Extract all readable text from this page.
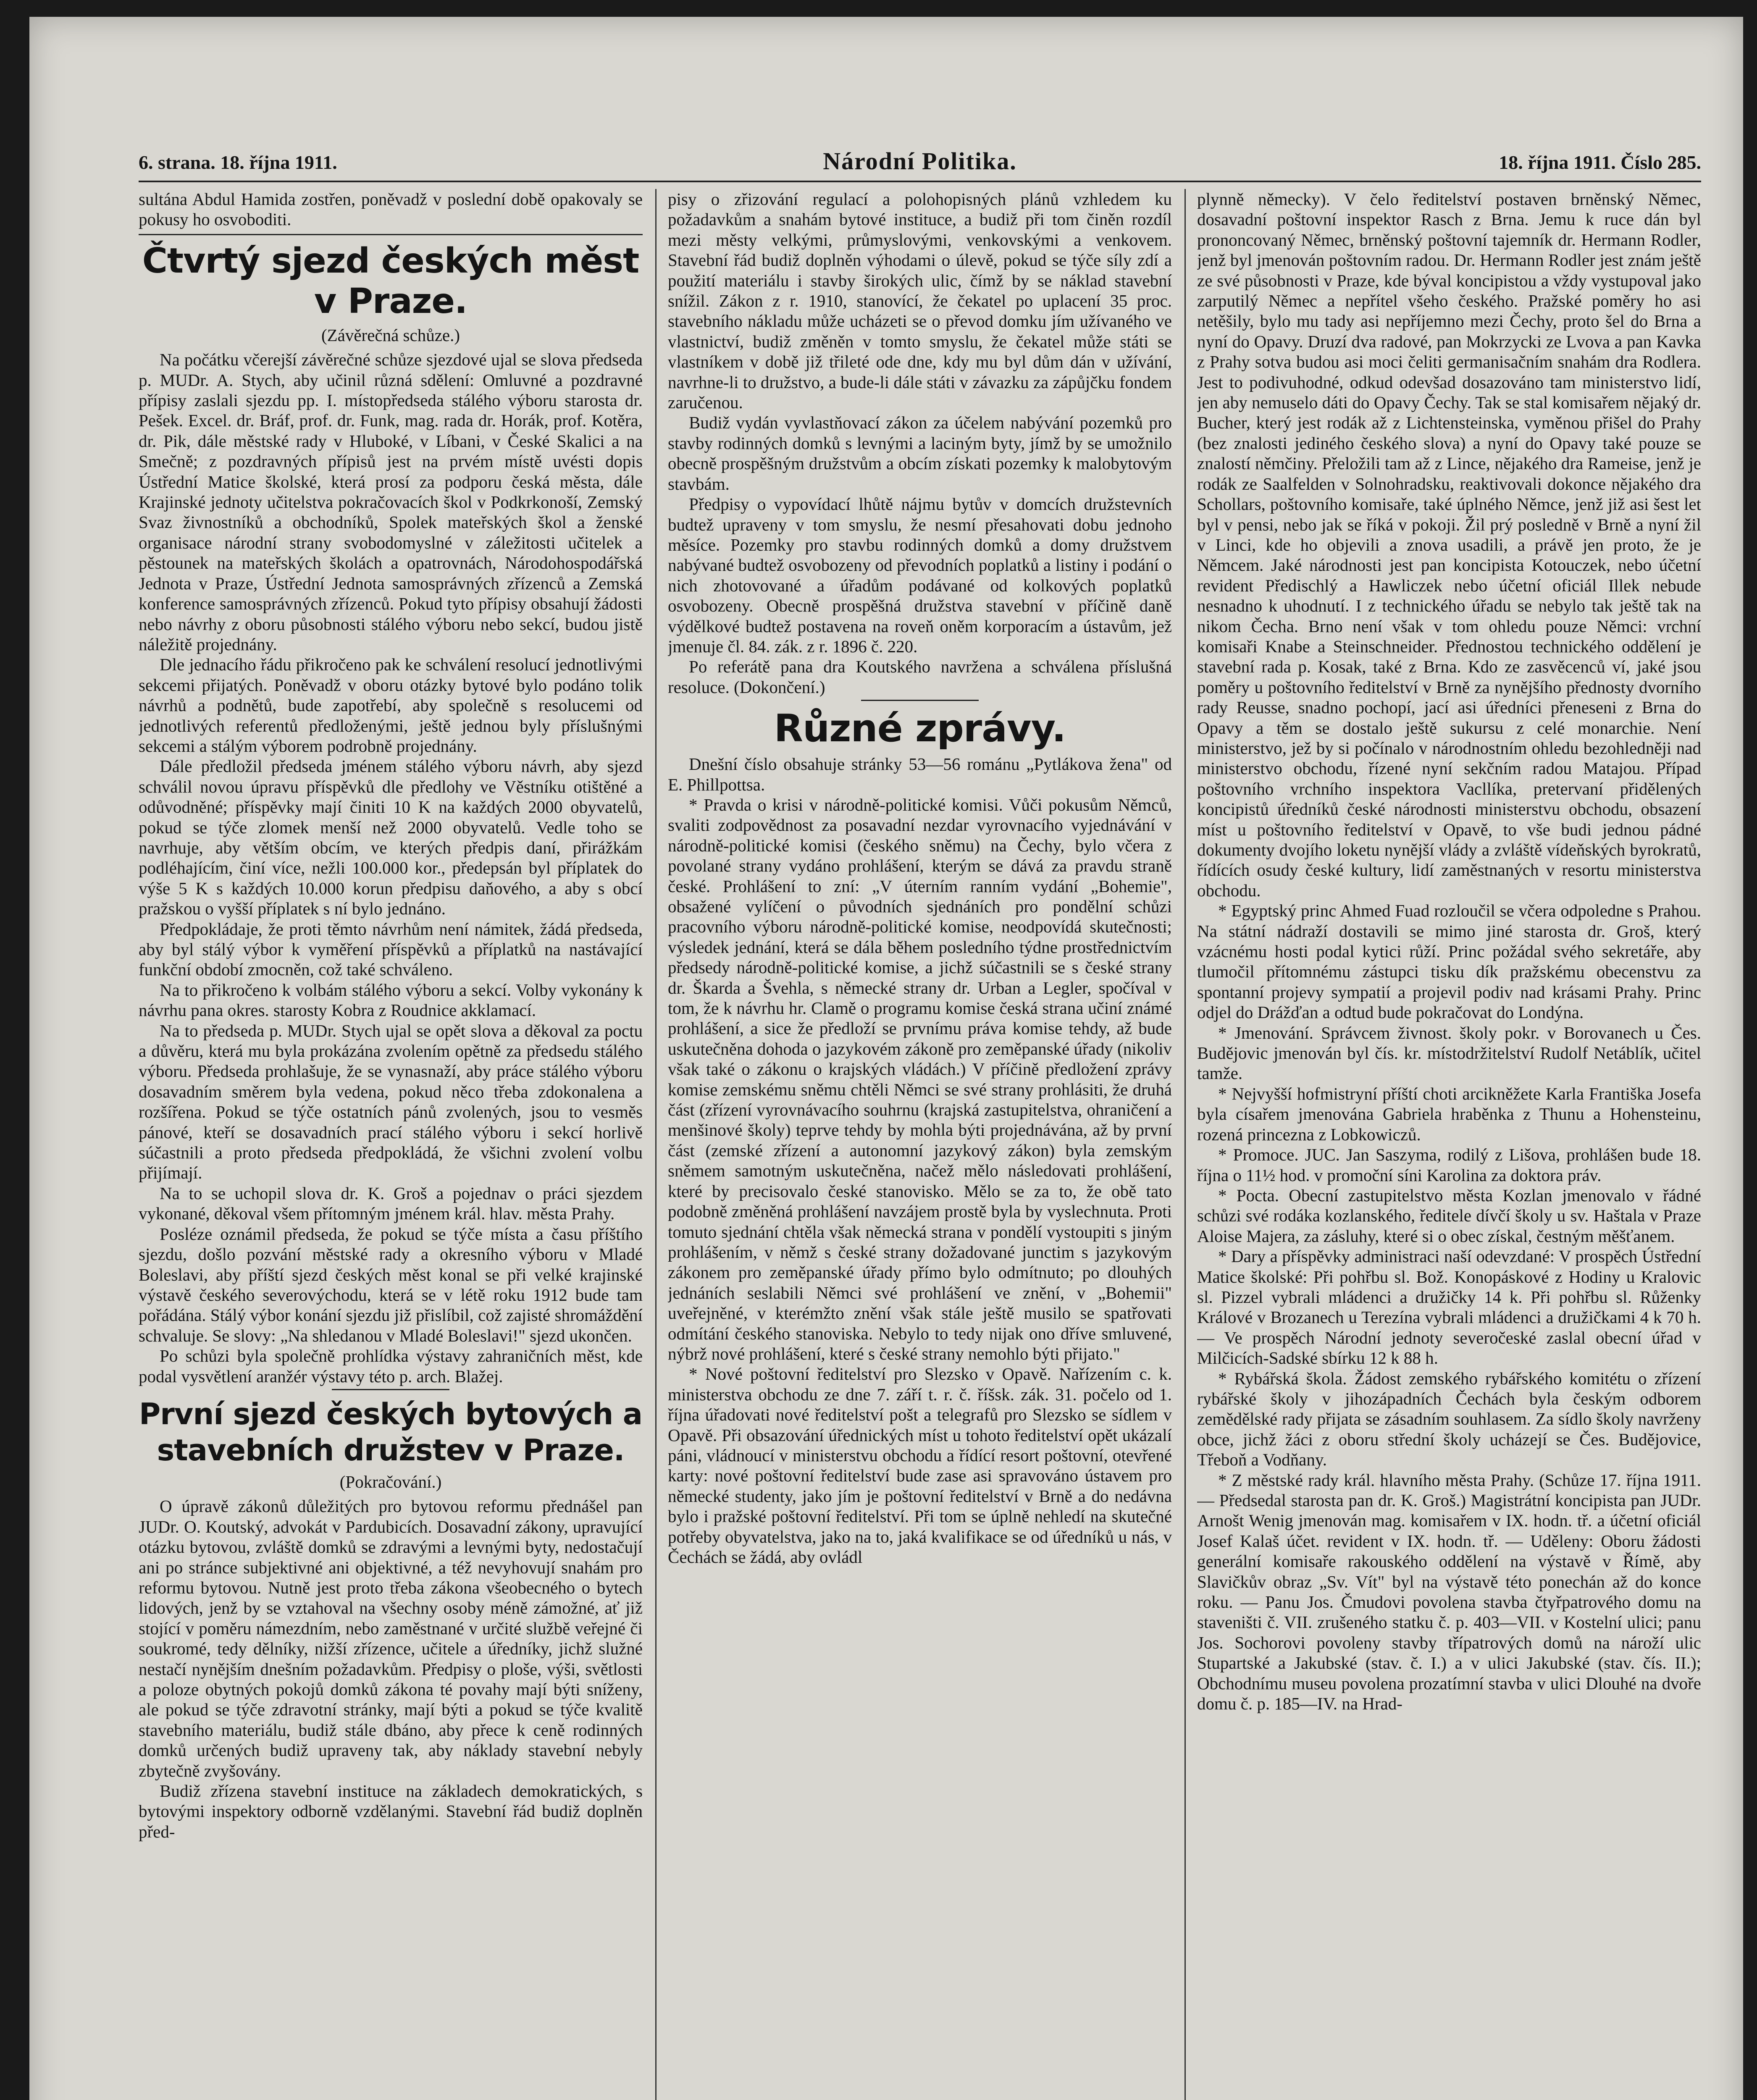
6. strana. 18. října 1911.	Národní Politika.	18. října 1911. Číslo 285.

sultána Abdul Hamida zostřen, poněvadž v poslední době opakovaly se pokusy ho osvoboditi.

Čtvrtý sjezd českých měst v Praze.
(Závěrečná schůze.)

Na počátku včerejší závěrečné schůze sjezdové ujal se slova předseda p. MUDr. A. Stych, aby učinil různá sdělení: Omluvné a pozdravné přípisy zaslali sjezdu pp. I. místopředseda stálého výboru starosta dr. Pešek. Excel. dr. Bráf, prof. dr. Funk, mag. rada dr. Horák, prof. Kotěra, dr. Pik, dále městské rady v Hluboké, v Líbani, v České Skalici a na Smečně; z pozdravných přípisů jest na prvém místě uvésti dopis Ústřední Matice školské, která prosí za podporu česká města, dále Krajinské jednoty učitelstva pokračovacích škol v Podkrkonoší, Zemský Svaz živnostníků a obchodníků, Spolek mateřských škol a ženské organisace národní strany svobodomyslné v záležitosti učitelek a pěstounek na mateřských školách a opatrovnách, Národohospodářská Jednota v Praze, Ústřední Jednota samosprávných zřízenců a Zemská konference samosprávných zřízenců. Pokud tyto přípisy obsahují žádosti nebo návrhy z oboru působnosti stálého výboru nebo sekcí, budou jistě náležitě projednány.

Dle jednacího řádu přikročeno pak ke schválení resolucí jednotlivými sekcemi přijatých. Poněvadž v oboru otázky bytové bylo podáno tolik návrhů a podnětů, bude zapotřebí, aby společně s resolucemi od jednotlivých referentů předloženými, ještě jednou byly příslušnými sekcemi a stálým výborem podrobně projednány.

Dále předložil předseda jménem stálého výboru návrh, aby sjezd schválil novou úpravu příspěvků dle předlohy ve Věstníku otištěné a odůvodněné; příspěvky mají činiti 10 K na každých 2000 obyvatelů, pokud se týče zlomek menší než 2000 obyvatelů. Vedle toho se navrhuje, aby větším obcím, ve kterých předpis daní, přirážkám podléhajícím, činí více, nežli 100.000 kor., předepsán byl příplatek do výše 5 K s každých 10.000 korun předpisu daňového, a aby s obcí pražskou o vyšší příplatek s ní bylo jednáno.

Předpokládaje, že proti těmto návrhům není námitek, žádá předseda, aby byl stálý výbor k vyměření příspěvků a příplatků na nastávající funkční období zmocněn, což také schváleno.

Na to přikročeno k volbám stálého výboru a sekcí. Volby vykonány k návrhu pana okres. starosty Kobra z Roudnice akklamací.

Na to předseda p. MUDr. Stych ujal se opět slova a děkoval za poctu a důvěru, která mu byla prokázána zvolením opětně za předsedu stálého výboru. Předseda prohlašuje, že se vynasnaží, aby práce stálého výboru dosavadním směrem byla vedena, pokud něco třeba zdokonalena a rozšířena. Pokud se týče ostatních pánů zvolených, jsou to vesměs pánové, kteří se dosavadních prací stálého výboru i sekcí horlivě súčastnili a proto předseda předpokládá, že všichni zvolení volbu přijímají.

Na to se uchopil slova dr. K. Groš a pojednav o práci sjezdem vykonané, děkoval všem přítomným jménem král. hlav. města Prahy.

Posléze oznámil předseda, že pokud se týče místa a času příštího sjezdu, došlo pozvání městské rady a okresního výboru v Mladé Boleslavi, aby příští sjezd českých měst konal se při velké krajinské výstavě českého severovýchodu, která se v létě roku 1912 bude tam pořádána. Stálý výbor konání sjezdu již přislíbil, což zajisté shromáždění schvaluje. Se slovy: „Na shledanou v Mladé Boleslavi!" sjezd ukončen.

Po schůzi byla společně prohlídka výstavy zahraničních měst, kde podal vysvětlení aranžér výstavy této p. arch. Blažej.

První sjezd českých bytových a stavebních družstev v Praze.
(Pokračování.)

O úpravě zákonů důležitých pro bytovou reformu přednášel pan JUDr. O. Koutský, advokát v Pardubicích. Dosavadní zákony, upravující otázku bytovou, zvláště domků se zdravými a levnými byty, nedostačují ani po stránce subjektivné ani objektivné, a též nevyhovují snahám pro reformu bytovou. Nutně jest proto třeba zákona všeobecného o bytech lidových, jenž by se vztahoval na všechny osoby méně zámožné, ať již stojící v poměru námezdním, nebo zaměstnané v určité službě veřejné či soukromé, tedy dělníky, nižší zřízence, učitele a úředníky, jichž služné nestačí nynějším dnešním požadavkům. Předpisy o ploše, výši, světlosti a poloze obytných pokojů domků zákona té povahy mají býti sníženy, ale pokud se týče zdravotní stránky, mají býti a pokud se týče kvalitě stavebního materiálu, budiž stále dbáno, aby přece k ceně rodinných domků určených budiž upraveny tak, aby náklady stavební nebyly zbytečně zvyšovány.

Budiž zřízena stavební instituce na základech demokratických, s bytovými inspektory odborně vzdělanými. Stavební řád budiž doplněn před-

pisy o zřizování regulací a polohopisných plánů vzhledem ku požadavkům a snahám bytové instituce, a budiž při tom činěn rozdíl mezi městy velkými, průmyslovými, venkovskými a venkovem. Stavební řád budiž doplněn výhodami o úlevě, pokud se týče síly zdí a použití materiálu i stavby širokých ulic, čímž by se náklad stavební snížil. Zákon z r. 1910, stanovící, že čekatel po uplacení 35 proc. stavebního nákladu může ucházeti se o převod domku jím užívaného ve vlastnictví, budiž změněn v tomto smyslu, že čekatel může státi se vlastníkem v době již třileté ode dne, kdy mu byl dům dán v užívání, navrhne-li to družstvo, a bude-li dále státi v závazku za zápůjčku fondem zaručenou.

Budiž vydán vyvlastňovací zákon za účelem nabývání pozemků pro stavby rodinných domků s levnými a laciným byty, jímž by se umožnilo obecně prospěšným družstvům a obcím získati pozemky k malobytovým stavbám.

Předpisy o vypovídací lhůtě nájmu bytův v domcích družstevních budtež upraveny v tom smyslu, že nesmí přesahovati dobu jednoho měsíce. Pozemky pro stavbu rodinných domků a domy družstvem nabývané budtež osvobozeny od převodních poplatků a listiny i podání o nich zhotovované a úřadům podávané od kolkových poplatků osvobozeny. Obecně prospěšná družstva stavební v příčině daně výdělkové budtež postavena na roveň oněm korporacím a ústavům, jež jmenuje čl. 84. zák. z r. 1896 č. 220.

Po referátě pana dra Koutského navržena a schválena příslušná resoluce. (Dokončení.)

Různé zprávy.

Dnešní číslo obsahuje stránky 53—56 románu „Pytlákova žena" od E. Phillpottsa.

* Pravda o krisi v národně-politické komisi. Vůči pokusům Němců, svaliti zodpovědnost za posavadní nezdar vyrovnacího vyjednávání v národně-politické komisi (českého sněmu) na Čechy, bylo včera z povolané strany vydáno prohlášení, kterým se dává za pravdu straně české. Prohlášení to zní: „V úterním ranním vydání „Bohemie", obsažené vylíčení o původních sjednáních pro pondělní schůzi pracovního výboru národně-politické komise, neodpovídá skutečnosti; výsledek jednání, která se dála během posledního týdne prostřednictvím předsedy národně-politické komise, a jichž súčastnili se s české strany dr. Škarda a Švehla, s německé strany dr. Urban a Legler, spočíval v tom, že k návrhu hr. Clamě o programu komise česká strana učiní známé prohlášení, a sice že předloží se prvnímu práva komise tehdy, až bude uskutečněna dohoda o jazykovém zákoně pro zeměpanské úřady (nikoliv však také o zákonu o krajských vládách.) V příčině předložení zprávy komise zemskému sněmu chtěli Němci se své strany prohlásiti, že druhá část (zřízení vyrovnávacího souhrnu (krajská zastupitelstva, ohraničení a menšinové školy) teprve tehdy by mohla býti projednávána, až by první část (zemské zřízení a autonomní jazykový zákon) byla zemským sněmem samotným uskutečněna, načež mělo následovati prohlášení, které by precisovalo české stanovisko. Mělo se za to, že obě tato podobně změněná prohlášení navzájem prostě byla by vyslechnuta. Proti tomuto sjednání chtěla však německá strana v pondělí vystoupiti s jiným prohlášením, v němž s české strany dožadované junctim s jazykovým zákonem pro zeměpanské úřady přímo bylo odmítnuto; po dlouhých jednáních seslabili Němci své prohlášení ve znění, v „Bohemii" uveřejněné, v kterémžto znění však stále ještě musilo se spatřovati odmítání českého stanoviska. Nebylo to tedy nijak ono dříve smluvené, nýbrž nové prohlášení, které s české strany nemohlo býti přijato."

* Nové poštovní ředitelství pro Slezsko v Opavě. Nařízením c. k. ministerstva obchodu ze dne 7. září t. r. č. říšsk. zák. 31. počelo od 1. října úřadovati nové ředitelství pošt a telegrafů pro Slezsko se sídlem v Opavě. Při obsazování úřednických míst u tohoto ředitelství opět ukázalí páni, vládnoucí v ministerstvu obchodu a řídící resort poštovní, otevřené karty: nové poštovní ředitelství bude zase asi spravováno ústavem pro německé studenty, jako jím je poštovní ředitelství v Brně a do nedávna bylo i pražské poštovní ředitelství. Při tom se úplně nehledí na skutečné potřeby obyvatelstva, jako na to, jaká kvalifikace se od úředníků u nás, v Čechách se žádá, aby ovládl

plynně německy). V čelo ředitelství postaven brněnský Němec, dosavadní poštovní inspektor Rasch z Brna. Jemu k ruce dán byl prononcovaný Němec, brněnský poštovní tajemník dr. Hermann Rodler, jenž byl jmenován poštovním radou. Dr. Hermann Rodler jest znám ještě ze své působnosti v Praze, kde býval koncipistou a vždy vystupoval jako zarputilý Němec a nepřítel všeho českého. Pražské poměry ho asi netěšily, bylo mu tady asi nepříjemno mezi Čechy, proto šel do Brna a nyní do Opavy. Druzí dva radové, pan Mokrzycki ze Lvova a pan Kavka z Prahy sotva budou asi moci čeliti germanisačním snahám dra Rodlera. Jest to podivuhodné, odkud odevšad dosazováno tam ministerstvo lidí, jen aby nemuselo dáti do Opavy Čechy. Tak se stal komisařem nějaký dr. Bucher, který jest rodák až z Lichtensteinska, vyměnou přišel do Prahy (bez znalosti jediného českého slova) a nyní do Opavy také pouze se znalostí němčiny. Přeložili tam až z Lince, nějakého dra Rameise, jenž je rodák ze Saalfelden v Solnohradsku, reaktivovali dokonce nějakého dra Schollars, poštovního komisaře, také úplného Němce, jenž již asi šest let byl v pensi, nebo jak se říká v pokoji. Žil prý posledně v Brně a nyní žil v Linci, kde ho objevili a znova usadili, a právě jen proto, že je Němcem. Jaké národnosti jest pan koncipista Kotouczek, nebo účetní revident Předischlý a Hawliczek nebo účetní oficiál Illek nebude nesnadno k uhodnutí. I z technického úřadu se nebylo tak ještě tak na nikom Čecha. Brno není však v tom ohledu pouze Němci: vrchní komisaři Knabe a Steinschneider. Přednostou technického oddělení je stavební rada p. Kosak, také z Brna. Kdo ze zasvěcenců ví, jaké jsou poměry u poštovního ředitelství v Brně za nynějšího přednosty dvorního rady Reusse, snadno pochopí, jací asi úředníci přeneseni z Brna do Opavy a těm se dostalo ještě sukursu z celé monarchie. Není ministerstvo, jež by si počínalo v národnostním ohledu bezohledněji nad ministerstvo obchodu, řízené nyní sekčním radou Matajou. Případ poštovního vrchního inspektora Vacllíka, pretervaní přidělených koncipistů úředníků české národnosti ministerstvu obchodu, obsazení míst u poštovního ředitelství v Opavě, to vše budi jednou pádné dokumenty dvojího loketu nynější vlády a zvláště vídeňských byrokratů, řídících osudy české kultury, lidí zaměstnaných v resortu ministerstva obchodu.

* Egyptský princ Ahmed Fuad rozloučil se včera odpoledne s Prahou. Na státní nádraží dostavili se mimo jiné starosta dr. Groš, který vzácnému hosti podal kytici růží. Princ požádal svého sekretáře, aby tlumočil přítomnému zástupci tisku dík pražskému obecenstvu za spontanní projevy sympatií a projevil podiv nad krásami Prahy. Princ odjel do Drážďan a odtud bude pokračovat do Londýna.

* Jmenování. Správcem živnost. školy pokr. v Borovanech u Čes. Budějovic jmenován byl čís. kr. místodržitelství Rudolf Netáblík, učitel tamže.

* Nejvyšší hofmistryní příští choti arcikněžete Karla Františka Josefa byla císařem jmenována Gabriela hraběnka z Thunu a Hohensteinu, rozená princezna z Lobkowiczů.

* Promoce. JUC. Jan Saszyma, rodilý z Lišova, prohlášen bude 18. října o 11½ hod. v promoční síni Karolina za doktora práv.

* Pocta. Obecní zastupitelstvo města Kozlan jmenovalo v řádné schůzi své rodáka kozlanského, ředitele dívčí školy u sv. Haštala v Praze Aloise Majera, za zásluhy, které si o obec získal, čestným měšťanem.

* Dary a příspěvky administraci naší odevzdané: V prospěch Ústřední Matice školské: Při pohřbu sl. Bož. Konopáskové z Hodiny u Kralovic sl. Pizzel vybrali mládenci a družičky 14 k. Při pohřbu sl. Růženky Králové v Brozanech u Terezína vybrali mládenci a družičkami 4 k 70 h. — Ve prospěch Národní jednoty severočeské zaslal obecní úřad v Milčicích-Sadské sbírku 12 k 88 h.

* Rybářská škola. Žádost zemského rybářského komitétu o zřízení rybářské školy v jihozápadních Čechách byla českým odborem zemědělské rady přijata se zásadním souhlasem. Za sídlo školy navrženy obce, jichž žáci z oboru střední školy ucházejí se Čes. Budějovice, Třeboň a Vodňany.

* Z městské rady král. hlavního města Prahy. (Schůze 17. října 1911. — Předsedal starosta pan dr. K. Groš.) Magistrátní koncipista pan JUDr. Arnošt Wenig jmenován mag. komisařem v IX. hodn. tř. a účetní oficiál Josef Kalaš účet. revident v IX. hodn. tř. — Uděleny: Oboru žádosti generální komisaře rakouského oddělení na výstavě v Římě, aby Slavičkův obraz „Sv. Vít" byl na výstavě této ponechán až do konce roku. — Panu Jos. Čmudovi povolena stavba čtyřpatrového domu na staveništi č. VII. zrušeného statku č. p. 403—VII. v Kostelní ulici; panu Jos. Sochorovi povoleny stavby třípatrových domů na nároží ulic Stupartské a Jakubské (stav. č. I.) a v ulici Jakubské (stav. čís. II.); Obchodnímu museu povolena prozatímní stavba v ulici Dlouhé na dvoře domu č. p. 185—IV. na Hrad-
